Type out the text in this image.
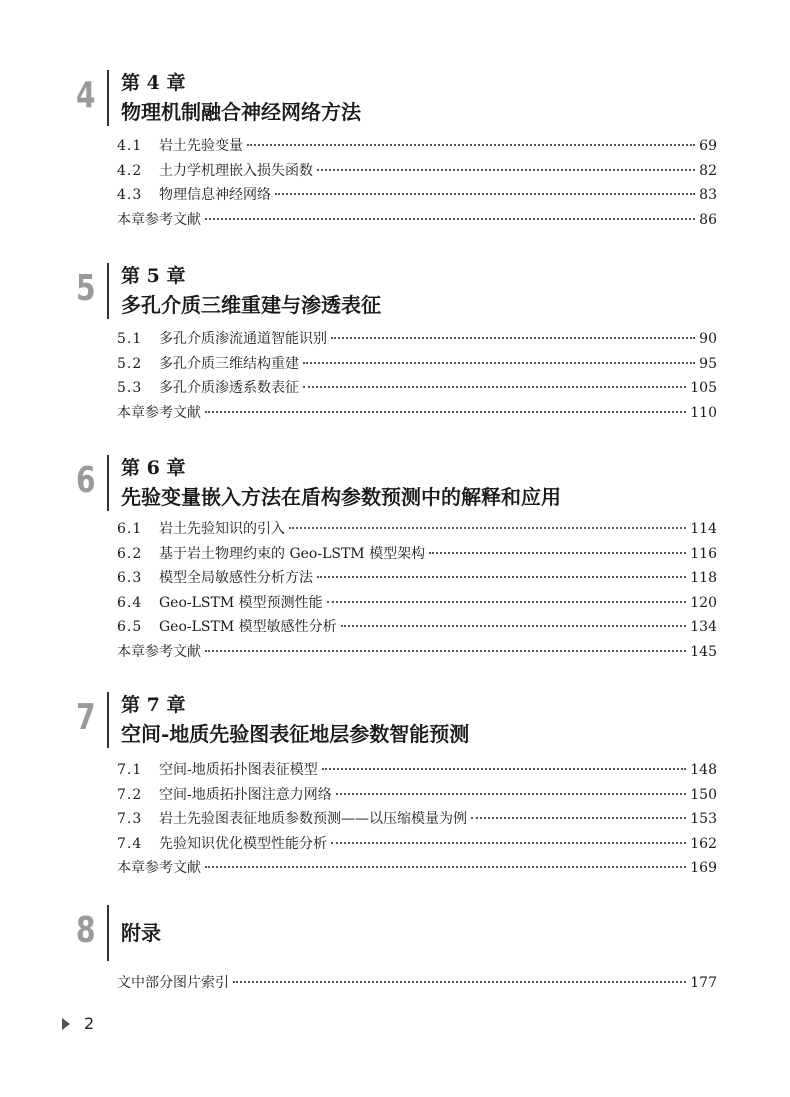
4 第 4 章
物理机制融合神经网络方法
4.1	岩土先验变量	69
4.2	土力学机理嵌入损失函数	82
4.3	物理信息神经网络	83
本章参考文献	86
5 第 5 章
多孔介质三维重建与渗透表征
5.1	多孔介质渗流通道智能识别	90
5.2	多孔介质三维结构重建	95
5.3	多孔介质渗透系数表征	105
本章参考文献	110
6 第 6 章
先验变量嵌入方法在盾构参数预测中的解释和应用
6.1	岩土先验知识的引入	114
6.2	基于岩土物理约束的 Geo-LSTM 模型架构	116
6.3	模型全局敏感性分析方法	118
6.4	Geo-LSTM 模型预测性能	120
6.5	Geo-LSTM 模型敏感性分析	134
本章参考文献	145
7 第 7 章
空间-地质先验图表征地层参数智能预测
7.1	空间-地质拓扑图表征模型	148
7.2	空间-地质拓扑图注意力网络	150
7.3	岩土先验图表征地质参数预测——以压缩模量为例	153
7.4	先验知识优化模型性能分析	162
本章参考文献	169
8 附录
文中部分图片索引	177
2
